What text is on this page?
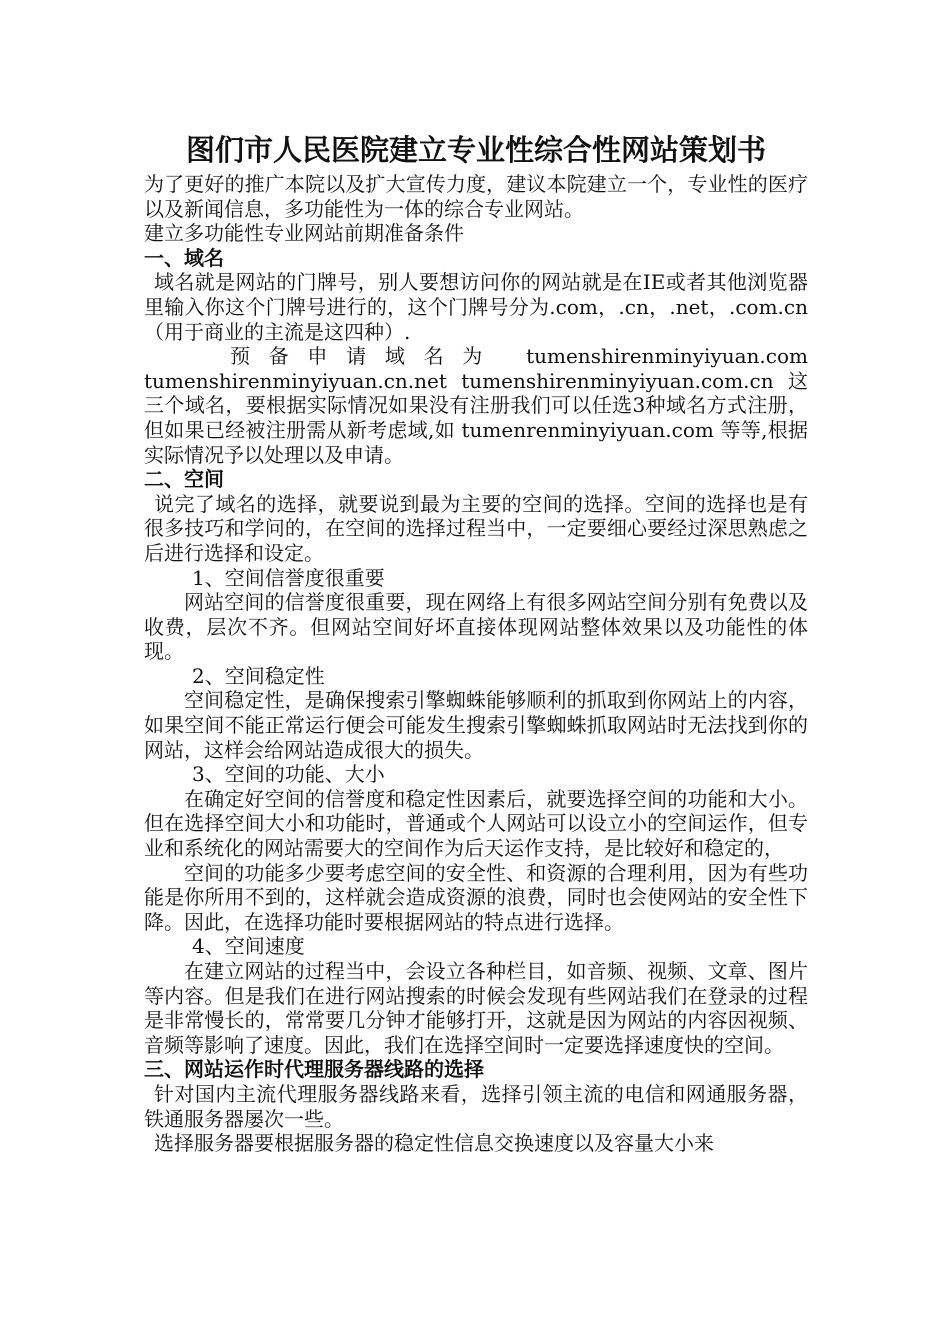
图们市人民医院建立专业性综合性网站策划书

为了更好的推广本院以及扩大宣传力度，建议本院建立一个，专业性的医疗以及新闻信息，多功能性为一体的综合专业网站。

建立多功能性专业网站前期准备条件

一、域名

域名就是网站的门牌号，别人要想访问你的网站就是在IE或者其他浏览器里输入你这个门牌号进行的，这个门牌号分为.com，.cn，.net，.com.cn（用于商业的主流是这四种）.

预备申请域名为 tumenshirenminyiyuan.com

tumenshirenminyiyuan.cn.net tumenshirenminyiyuan.com.cn 这三个域名，要根据实际情况如果没有注册我们可以任选3种域名方式注册，但如果已经被注册需从新考虑域,如 tumenrenminyiyuan.com 等等,根据实际情况予以处理以及申请。

二、空间

说完了域名的选择，就要说到最为主要的空间的选择。空间的选择也是有很多技巧和学问的，在空间的选择过程当中，一定要细心要经过深思熟虑之后进行选择和设定。

1、空间信誉度很重要

网站空间的信誉度很重要，现在网络上有很多网站空间分别有免费以及收费，层次不齐。但网站空间好坏直接体现网站整体效果以及功能性的体现。

2、空间稳定性

空间稳定性，是确保搜索引擎蜘蛛能够顺利的抓取到你网站上的内容，如果空间不能正常运行便会可能发生搜索引擎蜘蛛抓取网站时无法找到你的网站，这样会给网站造成很大的损失。

3、空间的功能、大小

在确定好空间的信誉度和稳定性因素后，就要选择空间的功能和大小。但在选择空间大小和功能时，普通或个人网站可以设立小的空间运作，但专业和系统化的网站需要大的空间作为后天运作支持，是比较好和稳定的，

空间的功能多少要考虑空间的安全性、和资源的合理利用，因为有些功能是你所用不到的，这样就会造成资源的浪费，同时也会使网站的安全性下降。因此，在选择功能时要根据网站的特点进行选择。

4、空间速度

在建立网站的过程当中，会设立各种栏目，如音频、视频、文章、图片等内容。但是我们在进行网站搜索的时候会发现有些网站我们在登录的过程是非常慢长的，常常要几分钟才能够打开，这就是因为网站的内容因视频、音频等影响了速度。因此，我们在选择空间时一定要选择速度快的空间。

三、网站运作时代理服务器线路的选择

针对国内主流代理服务器线路来看，选择引领主流的电信和网通服务器，铁通服务器屡次一些。

选择服务器要根据服务器的稳定性信息交换速度以及容量大小来
